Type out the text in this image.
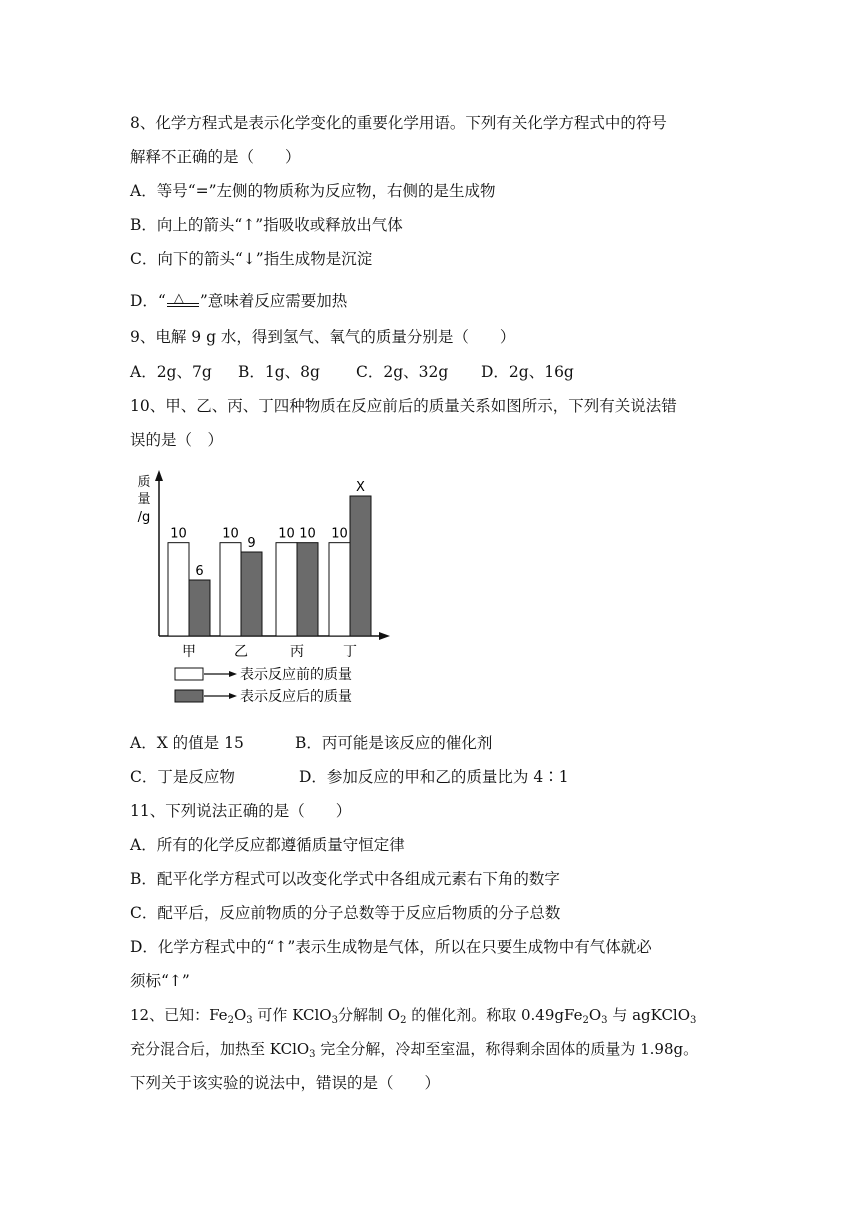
8、化学方程式是表示化学变化的重要化学用语。下列有关化学方程式中的符号
解释不正确的是（　　）
A．等号“=”左侧的物质称为反应物，右侧的是生成物
B．向上的箭头“↑”指吸收或释放出气体
C．向下的箭头“↓”指生成物是沉淀
D．“ △ ”意味着反应需要加热
9、电解 9 g 水，得到氢气、氧气的质量分别是（　　）
A．2g、7g B．1g、8g C．2g、32g D．2g、16g
10、甲、乙、丙、丁四种物质在反应前后的质量关系如图所示，下列有关说法错
误的是（　）
质
量
/g
10
6
甲
10
9
乙
10 10
丙
10
X
丁
表示反应前的质量
表示反应后的质量
A．X 的值是 15	B．丙可能是该反应的催化剂
C．丁是反应物	D．参加反应的甲和乙的质量比为 4∶1
11、下列说法正确的是（　　）
A．所有的化学反应都遵循质量守恒定律
B．配平化学方程式可以改变化学式中各组成元素右下角的数字
C．配平后，反应前物质的分子总数等于反应后物质的分子总数
D．化学方程式中的“↑”表示生成物是气体，所以在只要生成物中有气体就必
须标“↑”
12、已知：$Fe_2O_3$ 可作 KClO$_3$分解制 $O_2$ 的催化剂。称取 $0.49gFe_2O_3$ 与 agKClO$_3$
充分混合后，加热至 KClO$_3$ 完全分解，冷却至室温，称得剩余固体的质量为 1.98g。
下列关于该实验的说法中，错误的是（　　）
